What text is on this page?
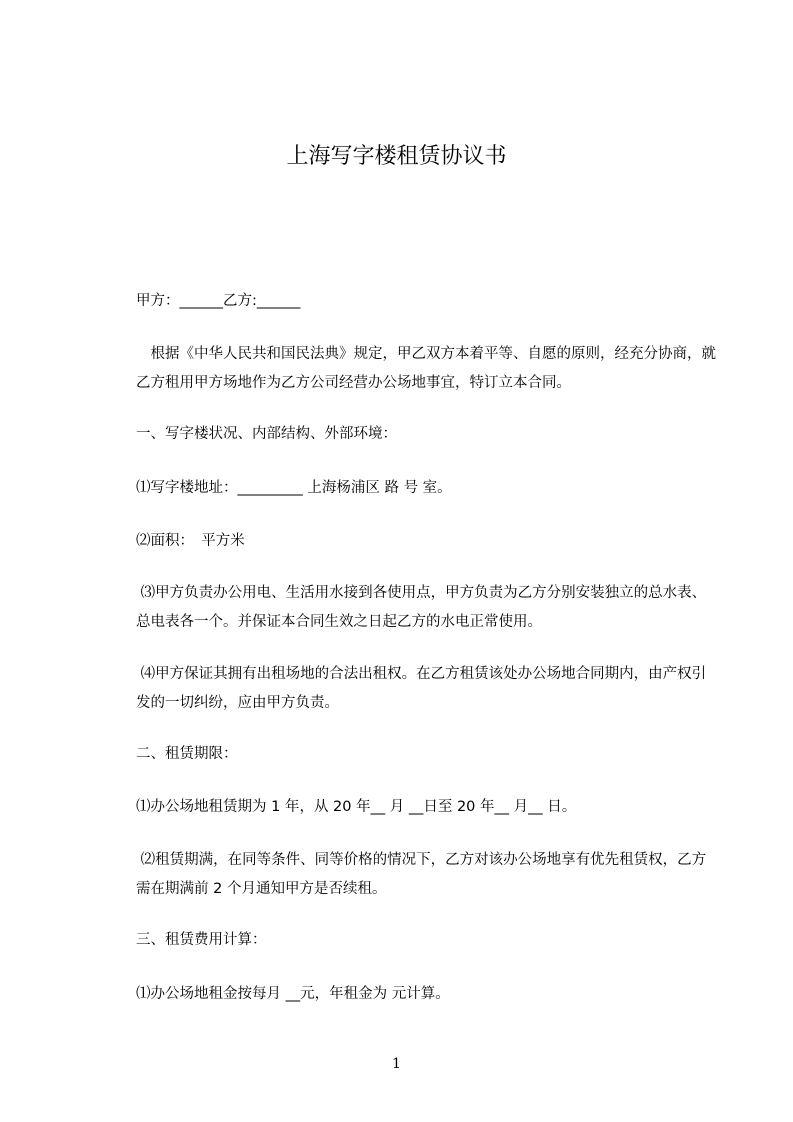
上海写字楼租赁协议书

甲方：______乙方:______

　根据《中华人民共和国民法典》规定，甲乙双方本着平等、自愿的原则，经充分协商，就乙方租用甲方场地作为乙方公司经营办公场地事宜，特订立本合同。

一、写字楼状况、内部结构、外部环境：

⑴写字楼地址：_________ 上海杨浦区 路 号 室。

⑵面积：　平方米

⑶甲方负责办公用电、生活用水接到各使用点，甲方负责为乙方分别安装独立的总水表、总电表各一个。并保证本合同生效之日起乙方的水电正常使用。

⑷甲方保证其拥有出租场地的合法出租权。在乙方租赁该处办公场地合同期内，由产权引发的一切纠纷，应由甲方负责。

二、租赁期限：

⑴办公场地租赁期为 1 年，从 20 年__ 月 __日至 20 年__ 月__ 日。

⑵租赁期满，在同等条件、同等价格的情况下，乙方对该办公场地享有优先租赁权，乙方需在期满前 2 个月通知甲方是否续租。

三、租赁费用计算：

⑴办公场地租金按每月 __元，年租金为 元计算。

1
